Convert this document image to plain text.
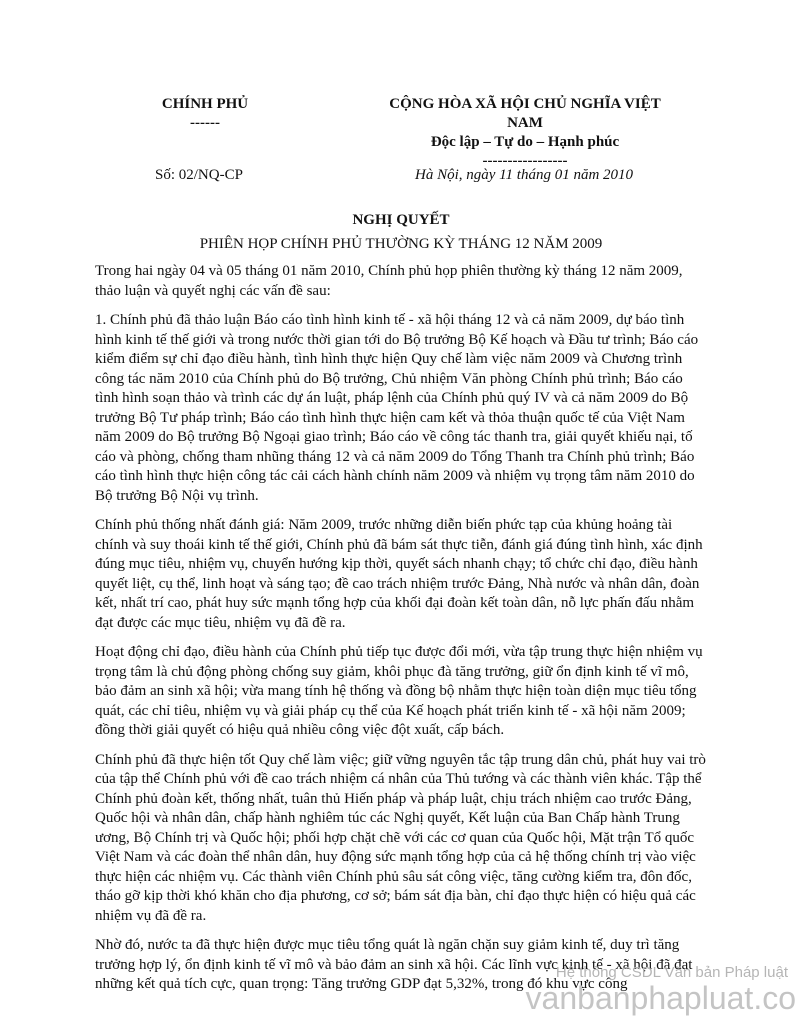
CHÍNH PHỦ
------
CỘNG HÒA XÃ HỘI CHỦ NGHĨA VIỆT
NAM
Độc lập – Tự do – Hạnh phúc
-----------------
Số: 02/NQ-CP	Hà Nội, ngày 11 tháng 01 năm 2010
NGHỊ QUYẾT
PHIÊN HỌP CHÍNH PHỦ THƯỜNG KỲ THÁNG 12 NĂM 2009

Trong hai ngày 04 và 05 tháng 01 năm 2010, Chính phủ họp phiên thường kỳ tháng 12 năm 2009, thảo luận và quyết nghị các vấn đề sau:

1. Chính phủ đã thảo luận Báo cáo tình hình kinh tế - xã hội tháng 12 và cả năm 2009, dự báo tình hình kinh tế thế giới và trong nước thời gian tới do Bộ trưởng Bộ Kế hoạch và Đầu tư trình; Báo cáo kiểm điểm sự chỉ đạo điều hành, tình hình thực hiện Quy chế làm việc năm 2009 và Chương trình công tác năm 2010 của Chính phủ do Bộ trưởng, Chủ nhiệm Văn phòng Chính phủ trình; Báo cáo tình hình soạn thảo và trình các dự án luật, pháp lệnh của Chính phủ quý IV và cả năm 2009 do Bộ trưởng Bộ Tư pháp trình; Báo cáo tình hình thực hiện cam kết và thỏa thuận quốc tế của Việt Nam năm 2009 do Bộ trưởng Bộ Ngoại giao trình; Báo cáo về công tác thanh tra, giải quyết khiếu nại, tố cáo và phòng, chống tham nhũng tháng 12 và cả năm 2009 do Tổng Thanh tra Chính phủ trình; Báo cáo tình hình thực hiện công tác cải cách hành chính năm 2009 và nhiệm vụ trọng tâm năm 2010 do Bộ trưởng Bộ Nội vụ trình.

Chính phủ thống nhất đánh giá: Năm 2009, trước những diễn biến phức tạp của khủng hoảng tài chính và suy thoái kinh tế thế giới, Chính phủ đã bám sát thực tiễn, đánh giá đúng tình hình, xác định đúng mục tiêu, nhiệm vụ, chuyển hướng kịp thời, quyết sách nhanh chạy; tổ chức chỉ đạo, điều hành quyết liệt, cụ thể, linh hoạt và sáng tạo; đề cao trách nhiệm trước Đảng, Nhà nước và nhân dân, đoàn kết, nhất trí cao, phát huy sức mạnh tổng hợp của khối đại đoàn kết toàn dân, nỗ lực phấn đấu nhằm đạt được các mục tiêu, nhiệm vụ đã đề ra.

Hoạt động chỉ đạo, điều hành của Chính phủ tiếp tục được đổi mới, vừa tập trung thực hiện nhiệm vụ trọng tâm là chủ động phòng chống suy giảm, khôi phục đà tăng trưởng, giữ ổn định kinh tế vĩ mô, bảo đảm an sinh xã hội; vừa mang tính hệ thống và đồng bộ nhằm thực hiện toàn diện mục tiêu tổng quát, các chỉ tiêu, nhiệm vụ và giải pháp cụ thể của Kế hoạch phát triển kinh tế - xã hội năm 2009; đồng thời giải quyết có hiệu quả nhiều công việc đột xuất, cấp bách.

Chính phủ đã thực hiện tốt Quy chế làm việc; giữ vững nguyên tắc tập trung dân chủ, phát huy vai trò của tập thể Chính phủ với đề cao trách nhiệm cá nhân của Thủ tướng và các thành viên khác. Tập thể Chính phủ đoàn kết, thống nhất, tuân thủ Hiến pháp và pháp luật, chịu trách nhiệm cao trước Đảng, Quốc hội và nhân dân, chấp hành nghiêm túc các Nghị quyết, Kết luận của Ban Chấp hành Trung ương, Bộ Chính trị và Quốc hội; phối hợp chặt chẽ với các cơ quan của Quốc hội, Mặt trận Tổ quốc Việt Nam và các đoàn thể nhân dân, huy động sức mạnh tổng hợp của cả hệ thống chính trị vào việc thực hiện các nhiệm vụ. Các thành viên Chính phủ sâu sát công việc, tăng cường kiểm tra, đôn đốc, tháo gỡ kịp thời khó khăn cho địa phương, cơ sở; bám sát địa bàn, chỉ đạo thực hiện có hiệu quả các nhiệm vụ đã đề ra.

Nhờ đó, nước ta đã thực hiện được mục tiêu tổng quát là ngăn chặn suy giảm kinh tế, duy trì tăng trưởng hợp lý, ổn định kinh tế vĩ mô và bảo đảm an sinh xã hội. Các lĩnh vực kinh tế - xã hội đã đạt những kết quả tích cực, quan trọng: Tăng trưởng GDP đạt 5,32%, trong đó khu vực công

Hệ thống CSDL Văn bản Pháp luật
vanbanphapluat.co
